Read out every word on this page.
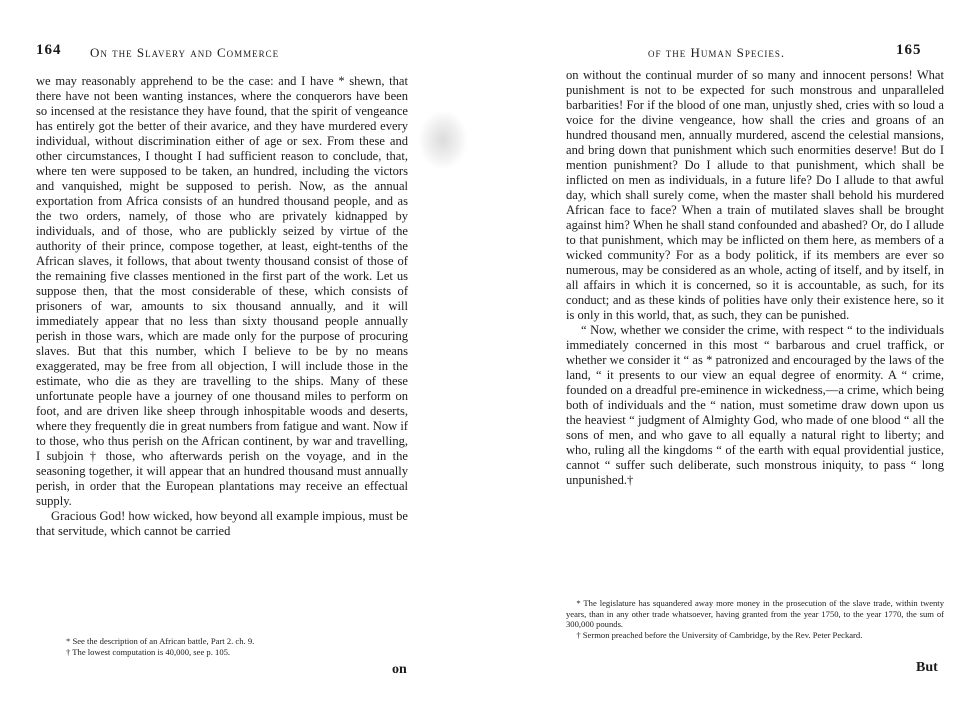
164 On the Slavery and Commerce

we may reasonably apprehend to be the case: and I have * shewn, that there have not been wanting instances, where the conquerors have been so incensed at the resistance they have found, that the spirit of vengeance has entirely got the better of their avarice, and they have murdered every individual, without discrimination either of age or sex. From these and other circumstances, I thought I had sufficient reason to conclude, that, where ten were supposed to be taken, an hundred, including the victors and vanquished, might be supposed to perish. Now, as the annual exportation from Africa consists of an hundred thousand people, and as the two orders, namely, of those who are privately kidnapped by individuals, and of those, who are publickly seized by virtue of the authority of their prince, compose together, at least, eight-tenths of the African slaves, it follows, that about twenty thousand consist of those of the remaining five classes mentioned in the first part of the work. Let us suppose then, that the most considerable of these, which consists of prisoners of war, amounts to six thousand annually, and it will immediately appear that no less than sixty thousand people annually perish in those wars, which are made only for the purpose of procuring slaves. But that this number, which I believe to be by no means exaggerated, may be free from all objection, I will include those in the estimate, who die as they are travelling to the ships. Many of these unfortunate people have a journey of one thousand miles to perform on foot, and are driven like sheep through inhospitable woods and deserts, where they frequently die in great numbers from fatigue and want. Now if to those, who thus perish on the African continent, by war and travelling, I subjoin † those, who afterwards perish on the voyage, and in the seasoning together, it will appear that an hundred thousand must annually perish, in order that the European plantations may receive an effectual supply.

Gracious God! how wicked, how beyond all example impious, must be that servitude, which cannot be carried

* See the description of an African battle, Part 2. ch. 9.

† The lowest computation is 40,000, see p. 105.

on
of the Human Species.	165

on without the continual murder of so many and innocent persons! What punishment is not to be expected for such monstrous and unparalleled barbarities! For if the blood of one man, unjustly shed, cries with so loud a voice for the divine vengeance, how shall the cries and groans of an hundred thousand men, annually murdered, ascend the celestial mansions, and bring down that punishment which such enormities deserve! But do I mention punishment? Do I allude to that punishment, which shall be inflicted on men as individuals, in a future life? Do I allude to that awful day, which shall surely come, when the master shall behold his murdered African face to face? When a train of mutilated slaves shall be brought against him? When he shall stand confounded and abashed? Or, do I allude to that punishment, which may be inflicted on them here, as members of a wicked community? For as a body politick, if its members are ever so numerous, may be considered as an whole, acting of itself, and by itself, in all affairs in which it is concerned, so it is accountable, as such, for its conduct; and as these kinds of polities have only their existence here, so it is only in this world, that, as such, they can be punished.

“ Now, whether we consider the crime, with respect “ to the individuals immediately concerned in this most “ barbarous and cruel traffick, or whether we consider it “ as * patronized and encouraged by the laws of the land, “ it presents to our view an equal degree of enormity. A “ crime, founded on a dreadful pre-eminence in wickedness,—a crime, which being both of individuals and the “ nation, must sometime draw down upon us the heaviest “ judgment of Almighty God, who made of one blood “ all the sons of men, and who gave to all equally a natural right to liberty; and who, ruling all the kingdoms “ of the earth with equal providential justice, cannot “ suffer such deliberate, such monstrous iniquity, to pass “ long unpunished.†

* The legislature has squandered away more money in the prosecution of the slave trade, within twenty years, than in any other trade whatsoever, having granted from the year 1750, to the year 1770, the sum of 300,000 pounds.

† Sermon preached before the University of Cambridge, by the Rev. Peter Peckard.

But
